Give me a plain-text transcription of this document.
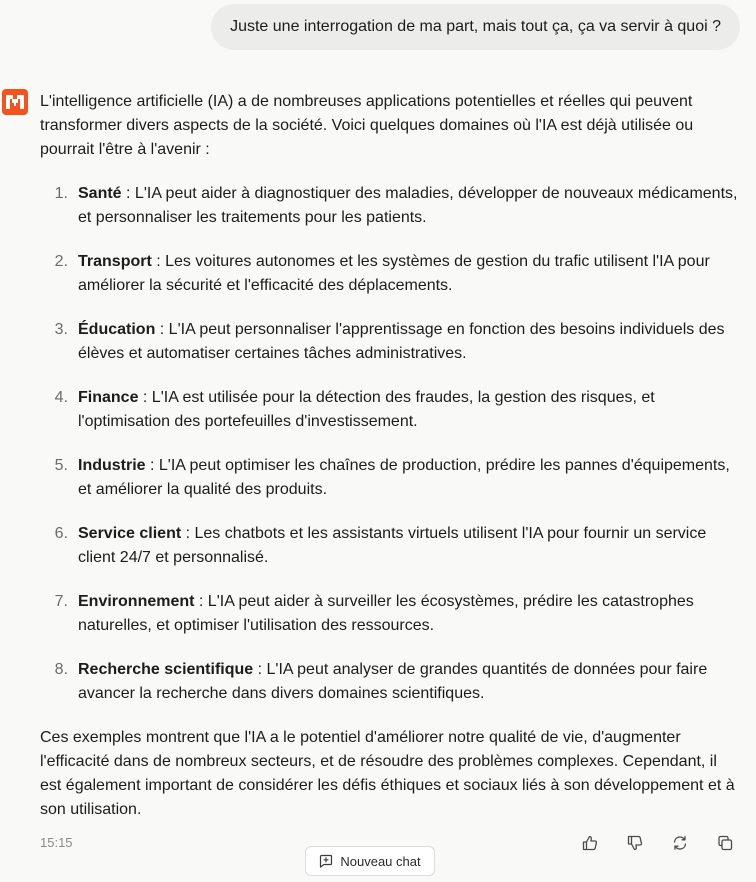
Juste une interrogation de ma part, mais tout ça, ça va servir à quoi ?

L'intelligence artificielle (IA) a de nombreuses applications potentielles et réelles qui peuvent transformer divers aspects de la société. Voici quelques domaines où l'IA est déjà utilisée ou pourrait l'être à l'avenir :

1. Santé : L'IA peut aider à diagnostiquer des maladies, développer de nouveaux médicaments, et personnaliser les traitements pour les patients.
2. Transport : Les voitures autonomes et les systèmes de gestion du trafic utilisent l'IA pour améliorer la sécurité et l'efficacité des déplacements.
3. Éducation : L'IA peut personnaliser l'apprentissage en fonction des besoins individuels des élèves et automatiser certaines tâches administratives.
4. Finance : L'IA est utilisée pour la détection des fraudes, la gestion des risques, et l'optimisation des portefeuilles d'investissement.
5. Industrie : L'IA peut optimiser les chaînes de production, prédire les pannes d'équipements, et améliorer la qualité des produits.
6. Service client : Les chatbots et les assistants virtuels utilisent l'IA pour fournir un service client 24/7 et personnalisé.
7. Environnement : L'IA peut aider à surveiller les écosystèmes, prédire les catastrophes naturelles, et optimiser l'utilisation des ressources.
8. Recherche scientifique : L'IA peut analyser de grandes quantités de données pour faire avancer la recherche dans divers domaines scientifiques.

Ces exemples montrent que l'IA a le potentiel d'améliorer notre qualité de vie, d'augmenter l'efficacité dans de nombreux secteurs, et de résoudre des problèmes complexes. Cependant, il est également important de considérer les défis éthiques et sociaux liés à son développement et à son utilisation.

15:15
Nouveau chat
